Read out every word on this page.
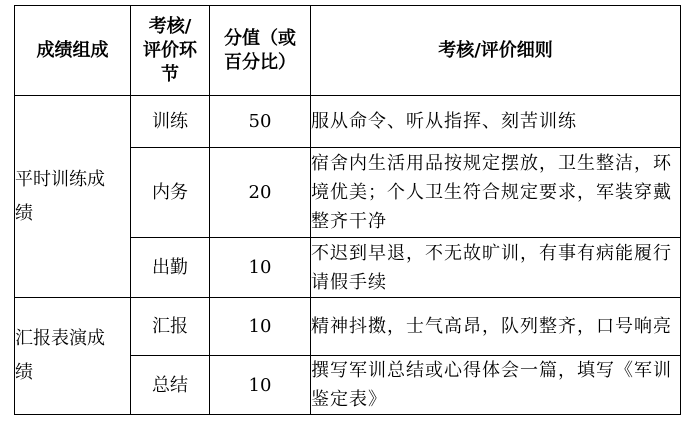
成绩组成	考核/评价环节	分值（或百分比）	考核/评价细则

平时训练成绩	训练	50	服从命令、听从指挥、刻苦训练
	内务	20	宿舍内生活用品按规定摆放，卫生整洁，环境优美；个人卫生符合规定要求，军装穿戴整齐干净
	出勤	10	不迟到早退，不无故旷训，有事有病能履行请假手续

汇报表演成绩	汇报	10	精神抖擞，士气高昂，队列整齐，口号响亮
	总结	10	撰写军训总结或心得体会一篇，填写《军训鉴定表》
